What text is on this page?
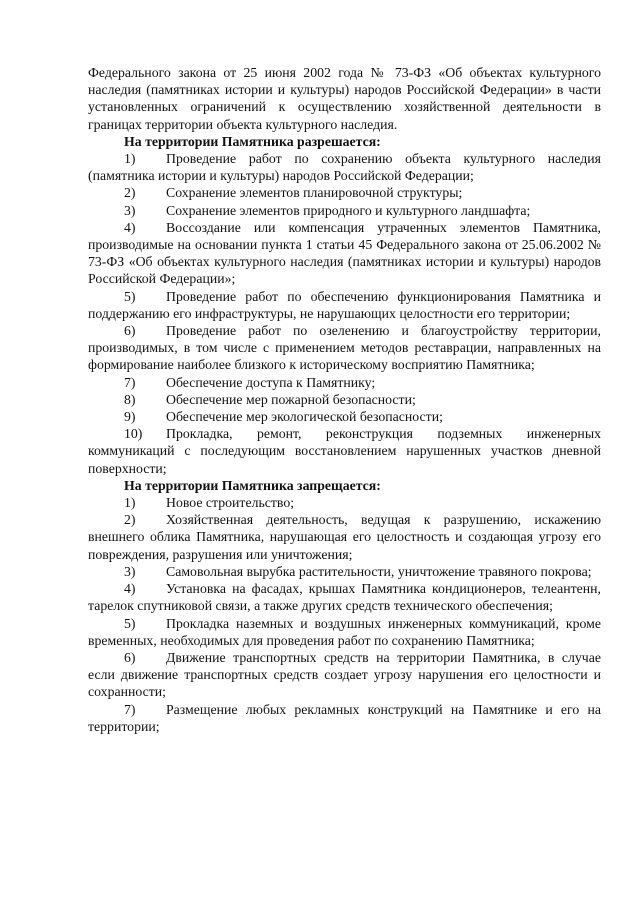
Федерального закона от 25 июня 2002 года № 73-ФЗ «Об объектах культурного наследия (памятниках истории и культуры) народов Российской Федерации» в части установленных ограничений к осуществлению хозяйственной деятельности в границах территории объекта культурного наследия.

На территории Памятника разрешается:

1) Проведение работ по сохранению объекта культурного наследия (памятника истории и культуры) народов Российской Федерации;

2) Сохранение элементов планировочной структуры;

3) Сохранение элементов природного и культурного ландшафта;

4) Воссоздание или компенсация утраченных элементов Памятника, производимые на основании пункта 1 статьи 45 Федерального закона от 25.06.2002 № 73-ФЗ «Об объектах культурного наследия (памятниках истории и культуры) народов Российской Федерации»;

5) Проведение работ по обеспечению функционирования Памятника и поддержанию его инфраструктуры, не нарушающих целостности его территории;

6) Проведение работ по озеленению и благоустройству территории, производимых, в том числе с применением методов реставрации, направленных на формирование наиболее близкого к историческому восприятию Памятника;

7) Обеспечение доступа к Памятнику;

8) Обеспечение мер пожарной безопасности;

9) Обеспечение мер экологической безопасности;

10) Прокладка, ремонт, реконструкция подземных инженерных коммуникаций с последующим восстановлением нарушенных участков дневной поверхности;

На территории Памятника запрещается:

1) Новое строительство;

2) Хозяйственная деятельность, ведущая к разрушению, искажению внешнего облика Памятника, нарушающая его целостность и создающая угрозу его повреждения, разрушения или уничтожения;

3) Самовольная вырубка растительности, уничтожение травяного покрова;

4) Установка на фасадах, крышах Памятника кондиционеров, телеантенн, тарелок спутниковой связи, а также других средств технического обеспечения;

5) Прокладка наземных и воздушных инженерных коммуникаций, кроме временных, необходимых для проведения работ по сохранению Памятника;

6) Движение транспортных средств на территории Памятника, в случае если движение транспортных средств создает угрозу нарушения его целостности и сохранности;

7) Размещение любых рекламных конструкций на Памятнике и его на территории;
